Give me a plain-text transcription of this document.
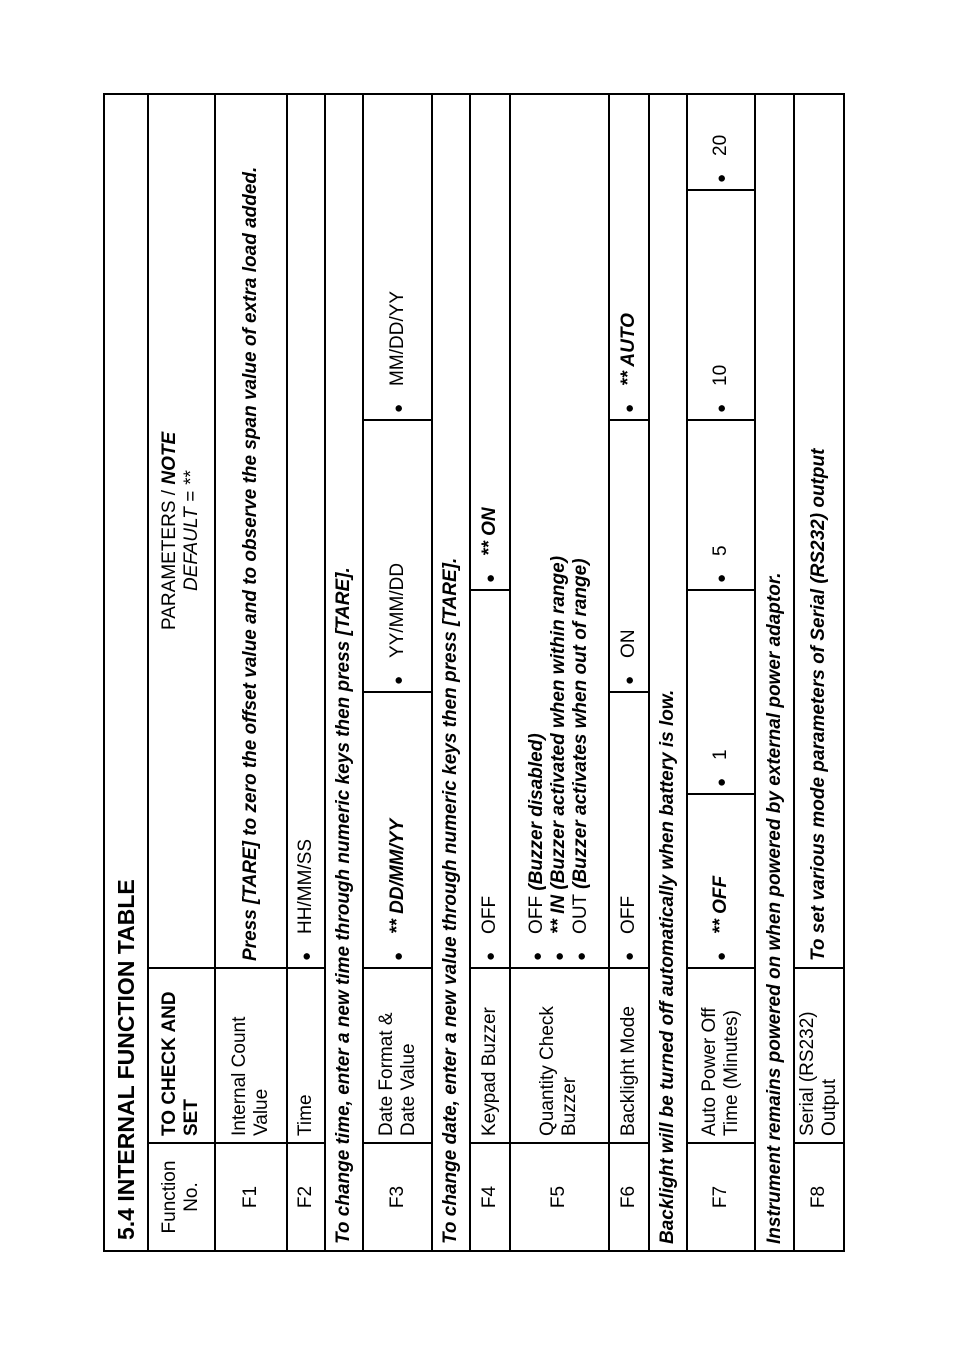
5.4 INTERNAL FUNCTION TABLE							
Function No.	TO CHECK AND SET	PARAMETERS / NOTE
DEFAULT = **					
F1	Internal Count Value	Press [TARE] to zero the offset value and to observe the span value of extra load added.					
F2	Time	● HH/MM/SS
To change time, enter a new time through numeric keys then press [TARE].							
F3	Date Format & Date Value	● ** DD/MM/YY	● YY/MM/DD	● MM/DD/YY
To change date, enter a new value through numeric keys then press [TARE].							
F4	Keypad Buzzer	● OFF	● ** ON
F5	Quantity Check Buzzer	
● OFF (Buzzer disabled)
● ** IN (Buzzer activated when within range)
● OUT (Buzzer activates when out of range)

F6	Backlight Mode	● OFF	● ON	● ** AUTO
Backlight will be turned off automatically when battery is low.							
F7	Auto Power Off Time (Minutes)	● ** OFF	● 1	● 5	● 10	● 20
Instrument remains powered on when powered by external power adaptor.							
F8	Serial (RS232) Output	To set various mode parameters of Serial (RS232) output					
